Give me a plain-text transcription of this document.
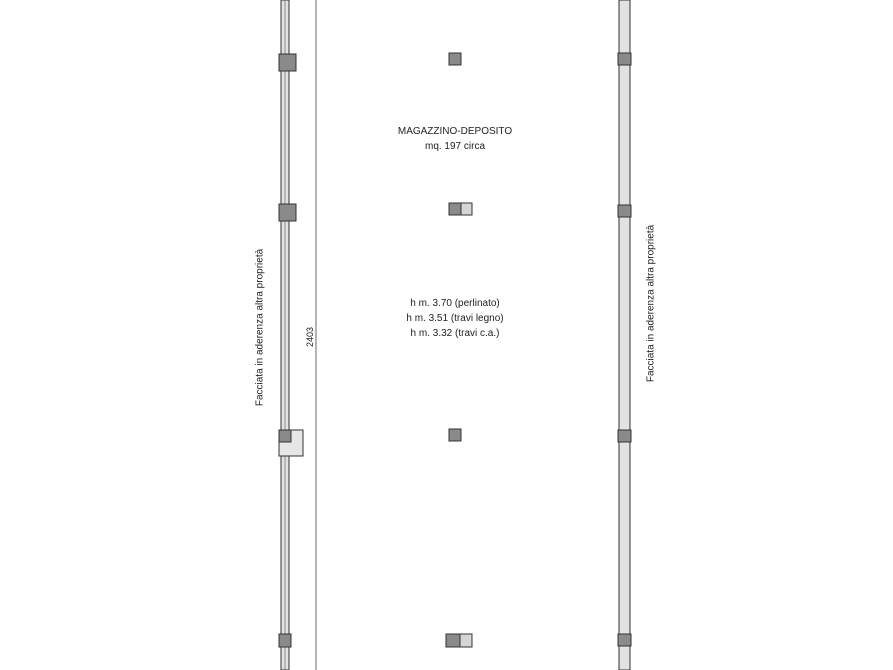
MAGAZZINO-DEPOSITO
mq. 197 circa
h m. 3.70 (perlinato)
h m. 3.51 (travi legno)
h m. 3.32 (travi c.a.)
Facciata in aderenza altra proprietà	Facciata in aderenza altra proprietà
2403
